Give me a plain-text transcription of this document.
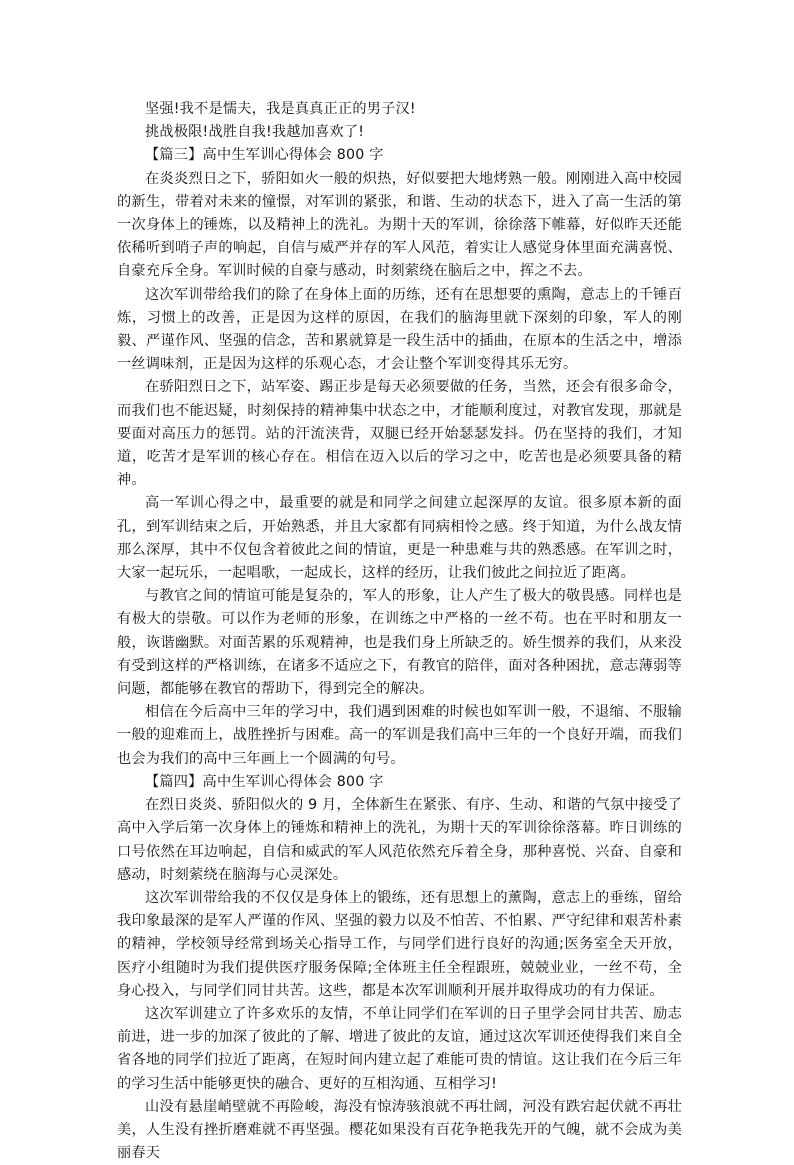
坚强!我不是懦夫，我是真真正正的男子汉!

挑战极限!战胜自我!我越加喜欢了!

【篇三】高中生军训心得体会 800 字

在炎炎烈日之下，骄阳如火一般的炽热，好似要把大地烤熟一般。刚刚进入高中校园的新生，带着对未来的憧憬，对军训的紧张，和谐、生动的状态下，进入了高一生活的第一次身体上的锤炼，以及精神上的洗礼。为期十天的军训，徐徐落下帷幕，好似昨天还能依稀听到哨子声的响起，自信与威严并存的军人风范，着实让人感觉身体里面充满喜悦、自豪充斥全身。军训时候的自豪与感动，时刻萦绕在脑后之中，挥之不去。

这次军训带给我们的除了在身体上面的历练，还有在思想要的熏陶，意志上的千锤百炼，习惯上的改善，正是因为这样的原因，在我们的脑海里就下深刻的印象，军人的刚毅、严谨作风、坚强的信念，苦和累就算是一段生活中的插曲，在原本的生活之中，增添一丝调味剂，正是因为这样的乐观心态，才会让整个军训变得其乐无穷。

在骄阳烈日之下，站军姿、踢正步是每天必须要做的任务，当然，还会有很多命令，而我们也不能迟疑，时刻保持的精神集中状态之中，才能顺利度过，对教官发现，那就是要面对高压力的惩罚。站的汗流浃背，双腿已经开始瑟瑟发抖。仍在坚持的我们，才知道，吃苦才是军训的核心存在。相信在迈入以后的学习之中，吃苦也是必须要具备的精神。

高一军训心得之中，最重要的就是和同学之间建立起深厚的友谊。很多原本新的面孔，到军训结束之后，开始熟悉，并且大家都有同病相怜之感。终于知道，为什么战友情那么深厚，其中不仅包含着彼此之间的情谊，更是一种患难与共的熟悉感。在军训之时，大家一起玩乐，一起唱歌，一起成长，这样的经历，让我们彼此之间拉近了距离。

与教官之间的情谊可能是复杂的，军人的形象，让人产生了极大的敬畏感。同样也是有极大的崇敬。可以作为老师的形象，在训练之中严格的一丝不苟。也在平时和朋友一般，诙谐幽默。对面苦累的乐观精神，也是我们身上所缺乏的。娇生惯养的我们，从来没有受到这样的严格训练，在诸多不适应之下，有教官的陪伴，面对各种困扰，意志薄弱等问题，都能够在教官的帮助下，得到完全的解决。

相信在今后高中三年的学习中，我们遇到困难的时候也如军训一般，不退缩、不服输一般的迎难而上，战胜挫折与困难。高一的军训是我们高中三年的一个良好开端，而我们也会为我们的高中三年画上一个圆满的句号。

【篇四】高中生军训心得体会 800 字

在烈日炎炎、骄阳似火的 9 月，全体新生在紧张、有序、生动、和谐的气氛中接受了高中入学后第一次身体上的锤炼和精神上的洗礼，为期十天的军训徐徐落幕。昨日训练的口号依然在耳边响起，自信和威武的军人风范依然充斥着全身，那种喜悦、兴奋、自豪和感动，时刻萦绕在脑海与心灵深处。

这次军训带给我的不仅仅是身体上的锻练，还有思想上的薰陶，意志上的垂练，留给我印象最深的是军人严谨的作风、坚强的毅力以及不怕苦、不怕累、严守纪律和艰苦朴素的精神，学校领导经常到场关心指导工作，与同学们进行良好的沟通;医务室全天开放，医疗小组随时为我们提供医疗服务保障;全体班主任全程跟班，兢兢业业，一丝不苟，全身心投入，与同学们同甘共苦。这些，都是本次军训顺利开展并取得成功的有力保证。

这次军训建立了许多欢乐的友情，不单让同学们在军训的日子里学会同甘共苦、励志前进，进一步的加深了彼此的了解、增进了彼此的友谊，通过这次军训还使得我们来自全省各地的同学们拉近了距离，在短时间内建立起了难能可贵的情谊。这让我们在今后三年的学习生活中能够更快的融合、更好的互相沟通、互相学习!

山没有悬崖峭壁就不再险峻，海没有惊涛骇浪就不再壮阔，河没有跌宕起伏就不再壮美，人生没有挫折磨难就不再坚强。樱花如果没有百花争艳我先开的气魄，就不会成为美丽春天
